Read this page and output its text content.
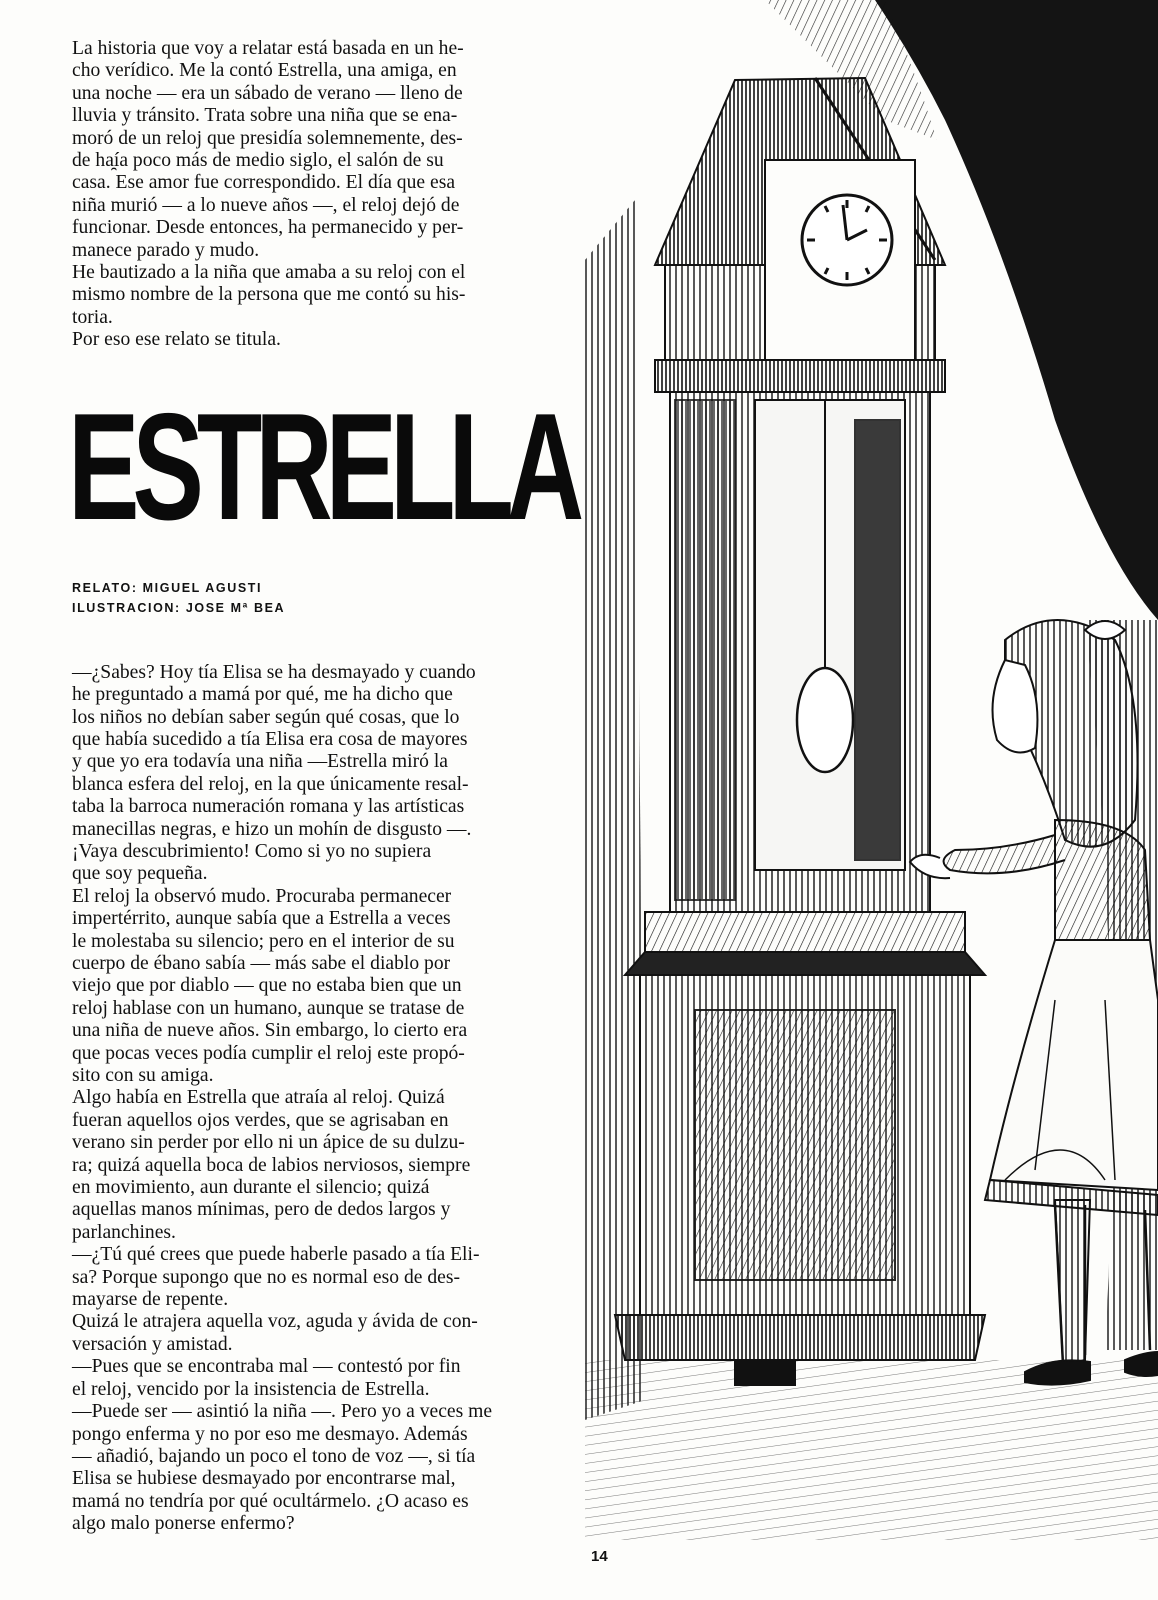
La historia que voy a relatar está basada en un he-
cho verídico. Me la contó Estrella, una amiga, en
una noche — era un sábado de verano — lleno de
lluvia y tránsito. Trata sobre una niña que se ena-
moró de un reloj que presidía solemnemente, des-
de ha̯ía poco más de medio siglo, el salón de su
casa. Ese amor fue correspondido. El día que esa
niña murió — a lo nueve años —, el reloj dejó de
funcionar. Desde entonces, ha permanecido y per-
manece parado y mudo.

He bautizado a la niña que amaba a su reloj con el
mismo nombre de la persona que me contó su his-
toria.

Por eso ese relato se titula.

ESTRELLA
RELATO: MIGUEL AGUSTI
ILUSTRACION: JOSE Mª BEA

—¿Sabes? Hoy tía Elisa se ha desmayado y cuando
he preguntado a mamá por qué, me ha dicho que
los niños no debían saber según qué cosas, que lo
que había sucedido a tía Elisa era cosa de mayores
y que yo era todavía una niña —Estrella miró la
blanca esfera del reloj, en la que únicamente resal-
taba la barroca numeración romana y las artísticas
manecillas negras, e hizo un mohín de disgusto —.
¡Vaya descubrimiento! Como si yo no supiera
que soy pequeña.

El reloj la observó mudo. Procuraba permanecer
impertérrito, aunque sabía que a Estrella a veces
le molestaba su silencio; pero en el interior de su
cuerpo de ébano sabía — más sabe el diablo por
viejo que por diablo — que no estaba bien que un
reloj hablase con un humano, aunque se tratase de
una niña de nueve años. Sin embargo, lo cierto era
que pocas veces podía cumplir el reloj este propó-
sito con su amiga.

Algo había en Estrella que atraía al reloj. Quizá
fueran aquellos ojos verdes, que se agrisaban en
verano sin perder por ello ni un ápice de su dulzu-
ra; quizá aquella boca de labios nerviosos, siempre
en movimiento, aun durante el silencio; quizá
aquellas manos mínimas, pero de dedos largos y
parlanchines.

—¿Tú qué crees que puede haberle pasado a tía Eli-
sa? Porque supongo que no es normal eso de des-
mayarse de repente.

Quizá le atrajera aquella voz, aguda y ávida de con-
versación y amistad.

—Pues que se encontraba mal — contestó por fin
el reloj, vencido por la insistencia de Estrella.

—Puede ser — asintió la niña —. Pero yo a veces me
pongo enferma y no por eso me desmayo. Además
— añadió, bajando un poco el tono de voz —, si tía
Elisa se hubiese desmayado por encontrarse mal,
mamá no tendría por qué ocultármelo. ¿O acaso es
algo malo ponerse enfermo?

14
